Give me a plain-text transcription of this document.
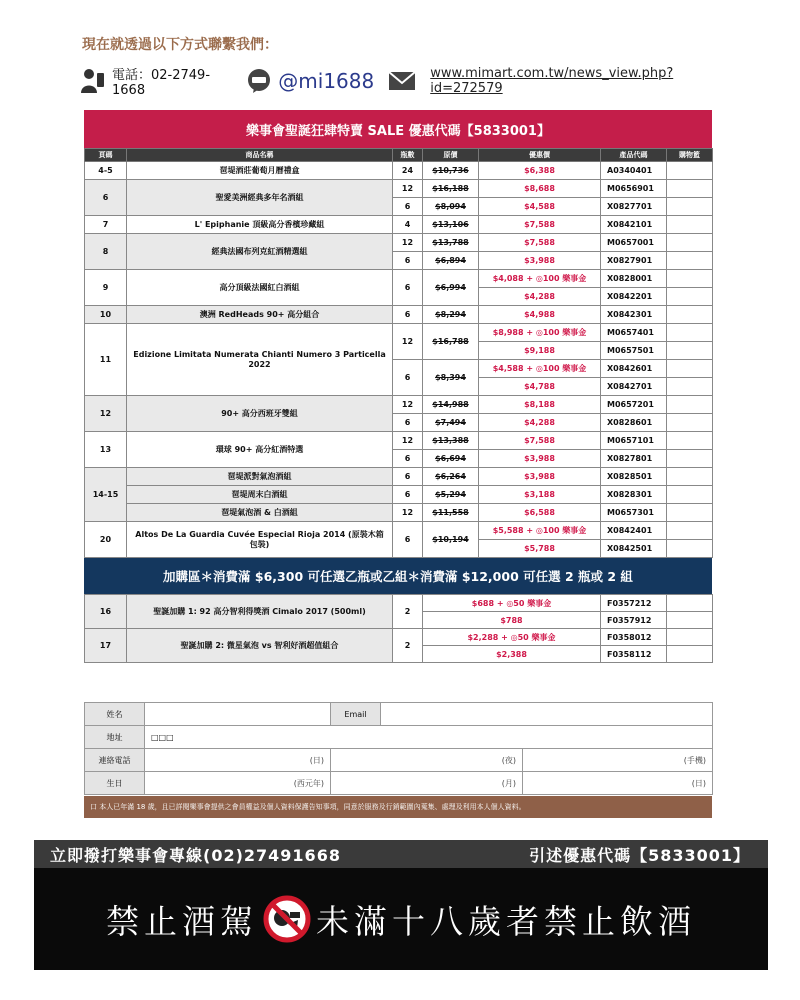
現在就透過以下方式聯繫我們：
電話：02-2749-1668	@mi1688	www.mimart.com.tw/news_view.php?id=272579
樂事會聖誕狂肆特賣 SALE 優惠代碼【5833001】
頁碼	商品名稱	瓶數	原價	優惠價	產品代碼	購物籃
4-5	琶堤酒莊葡萄月曆禮盒	24	$10,736	$6,388	A0340401	
6	聖愛美洲經典多年名酒組	12	$16,188	$8,688	M0656901	
		6	$8,094	$4,588	X0827701	
7	L' Epiphanie 頂級高分香檳珍藏組	4	$13,106	$7,588	X0842101	
8	經典法國布列克紅酒精選組	12	$13,788	$7,588	M0657001	
		6	$6,894	$3,988	X0827901	
9	高分頂級法國紅白酒組	6	$6,994	$4,088 + ◎100 樂事金	X0828001	
				$4,288	X0842201	
10	澳洲 RedHeads 90+ 高分組合	6	$8,294	$4,988	X0842301	
11	Edizione Limitata Numerata Chianti Numero 3 Particella 2022	12	$16,788	$8,988 + ◎100 樂事金	M0657401	
				$9,188	M0657501	
		6	$8,394	$4,588 + ◎100 樂事金	X0842601	
				$4,788	X0842701	
12	90+ 高分西班牙雙組	12	$14,988	$8,188	M0657201	
		6	$7,494	$4,288	X0828601	
13	環球 90+ 高分紅酒特選	12	$13,388	$7,588	M0657101	
		6	$6,694	$3,988	X0827801	
14-15	琶堤派對氣泡酒組	6	$6,264	$3,988	X0828501	
	琶堤周末白酒組	6	$5,294	$3,188	X0828301	
	琶堤氣泡酒 & 白酒組	12	$11,558	$6,588	M0657301	
20	Altos De La Guardia Cuvée Especial Rioja 2014 (原裝木箱包裝)	6	$10,194	$5,588 + ◎100 樂事金	X0842401	
				$5,788	X0842501	
加購區＊消費滿 $6,300 可任選乙瓶或乙組＊消費滿 $12,000 可任選 2 瓶或 2 組
16	聖誕加購 1: 92 高分智利得獎酒 Cimalo 2017 (500ml)	2	$688 + ◎50 樂事金	F0357212	
			$788	F0357912	
17	聖誕加購 2: 微星氣泡 vs 智利好酒超值組合	2	$2,288 + ◎50 樂事金	F0358012	
			$2,388	F0358112	
姓名		Email		
地址	□□□			
連絡電話	(日)	(夜)		(手機)

生日	(西元年)	(月)		(日)
口 本人已年滿 18 歲，且已詳閱樂事會提供之會員權益及個人資料保護告知事項，同意於服務及行銷範圍內蒐集、處理及利用本人個人資料。
立即撥打樂事會專線(02)27491668	引述優惠代碼【5833001】
禁止酒駕 未滿十八歲者禁止飲酒
